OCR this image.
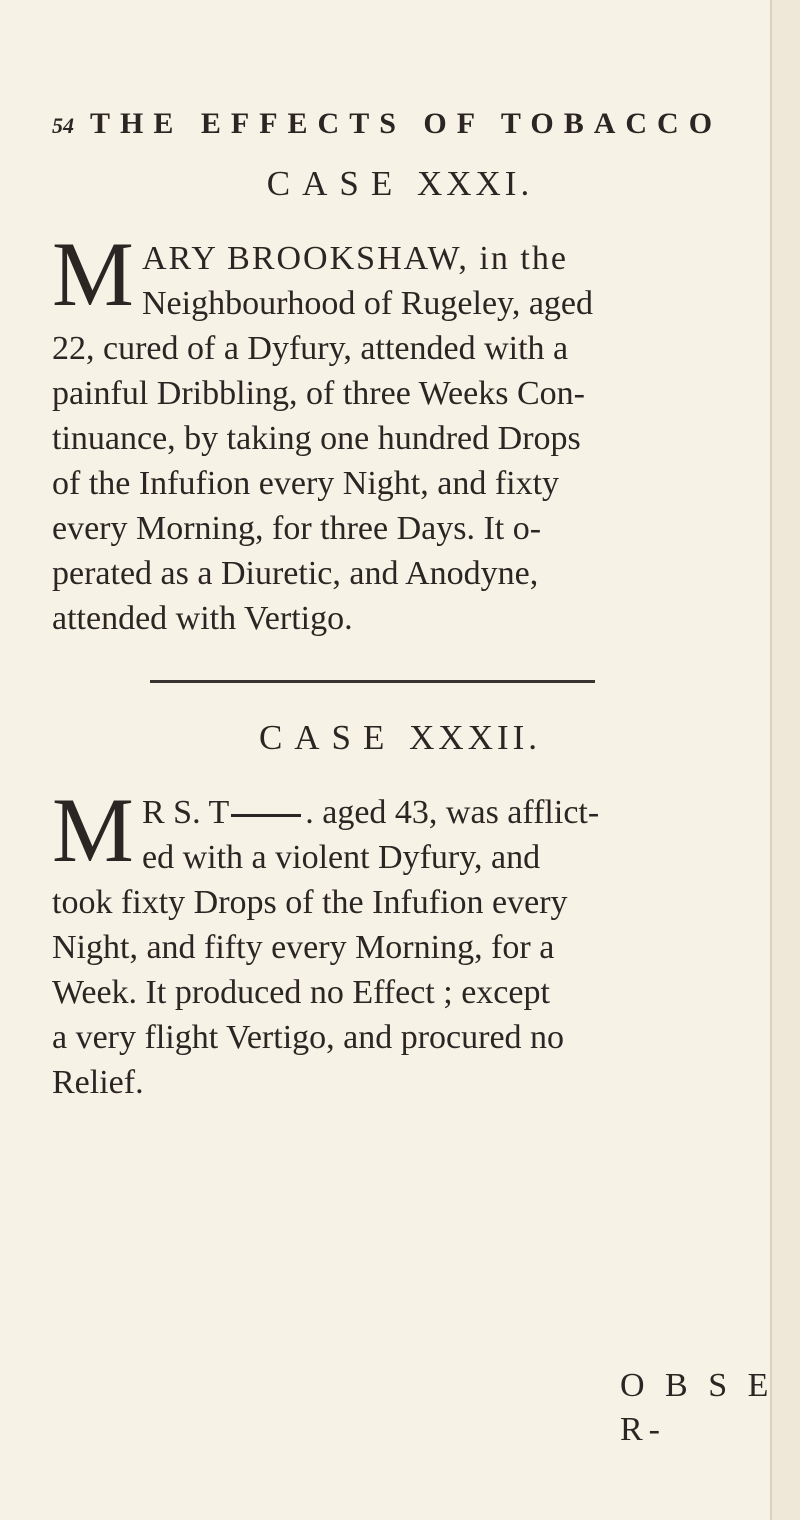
54 THE EFFECTS OF TOBACCO
CASE XXXI.
M ARY BROOKSHAW, in the
Neighbourhood of Rugeley, aged
22, cured of a Dyfury, attended with a
painful Dribbling, of three Weeks Con-
tinuance, by taking one hundred Drops
of the Infufion every Night, and fixty
every Morning, for three Days. It o-
perated as a Diuretic, and Anodyne,
attended with Vertigo.
CASE XXXII.
M R S. T . aged 43, was afflict-
ed with a violent Dyfury, and
took fixty Drops of the Infufion every
Night, and fifty every Morning, for a
Week. It produced no Effect ; except
a very flight Vertigo, and procured no
Relief.
O B S E R-
